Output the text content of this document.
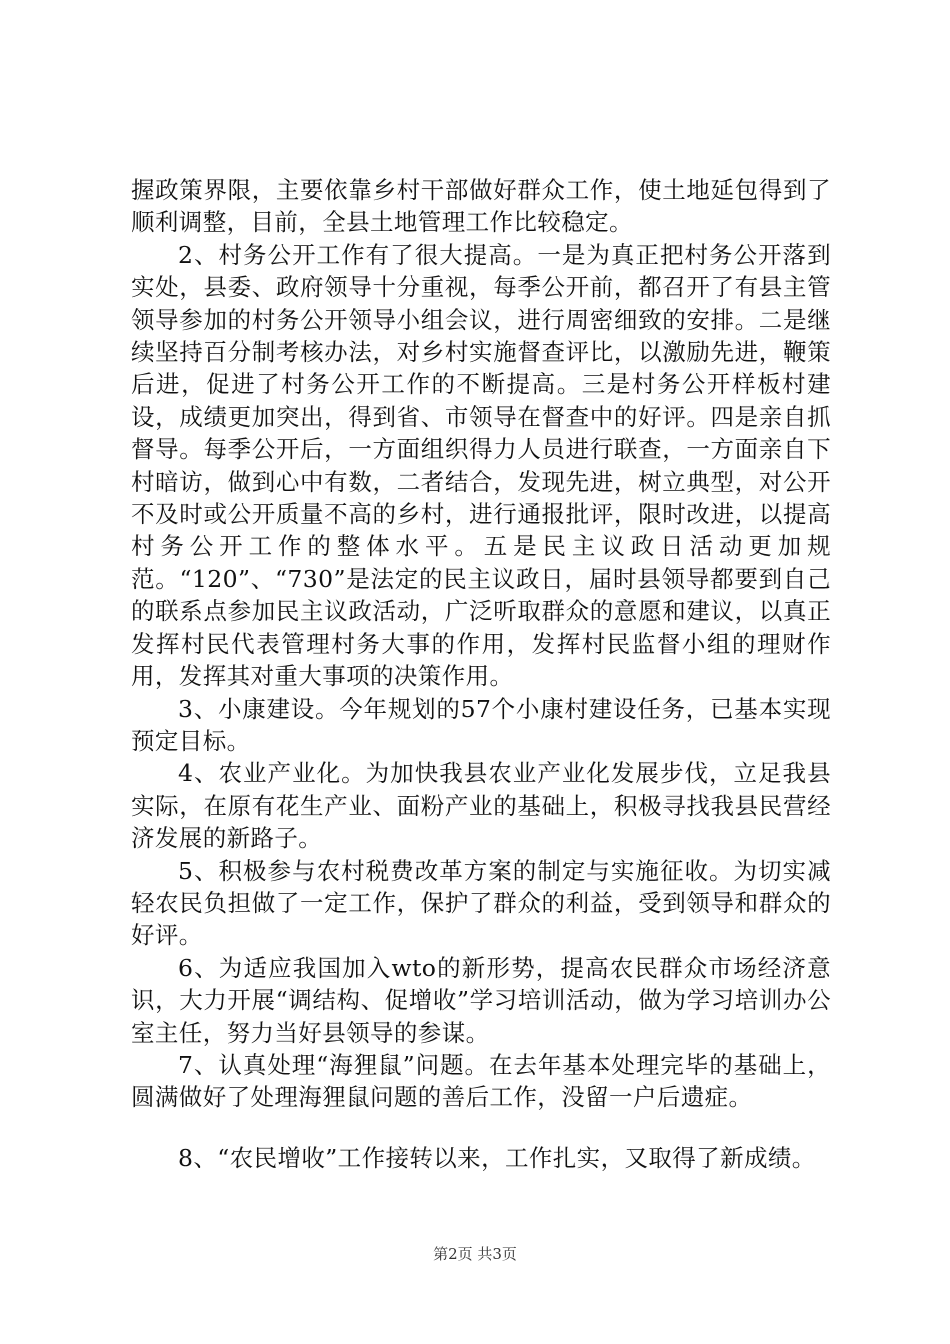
握政策界限，主要依靠乡村干部做好群众工作，使土地延包得到了顺利调整，目前，全县土地管理工作比较稳定。

2、村务公开工作有了很大提高。一是为真正把村务公开落到实处，县委、政府领导十分重视，每季公开前，都召开了有县主管领导参加的村务公开领导小组会议，进行周密细致的安排。二是继续坚持百分制考核办法，对乡村实施督查评比，以激励先进，鞭策后进，促进了村务公开工作的不断提高。三是村务公开样板村建设，成绩更加突出，得到省、市领导在督查中的好评。四是亲自抓督导。每季公开后，一方面组织得力人员进行联查，一方面亲自下村暗访，做到心中有数，二者结合，发现先进，树立典型，对公开不及时或公开质量不高的乡村，进行通报批评，限时改进，以提高村务公开工作的整体水平。五是民主议政日活动更加规范。“120”、“730”是法定的民主议政日，届时县领导都要到自己的联系点参加民主议政活动，广泛听取群众的意愿和建议，以真正发挥村民代表管理村务大事的作用，发挥村民监督小组的理财作用，发挥其对重大事项的决策作用。

3、小康建设。今年规划的57个小康村建设任务，已基本实现预定目标。

4、农业产业化。为加快我县农业产业化发展步伐，立足我县实际，在原有花生产业、面粉产业的基础上，积极寻找我县民营经济发展的新路子。

5、积极参与农村税费改革方案的制定与实施征收。为切实减轻农民负担做了一定工作，保护了群众的利益，受到领导和群众的好评。

6、为适应我国加入wto的新形势，提高农民群众市场经济意识，大力开展“调结构、促增收”学习培训活动，做为学习培训办公室主任，努力当好县领导的参谋。

7、认真处理“海狸鼠”问题。在去年基本处理完毕的基础上，圆满做好了处理海狸鼠问题的善后工作，没留一户后遗症。

8、“农民增收”工作接转以来，工作扎实，又取得了新成绩。

第2页 共3页
